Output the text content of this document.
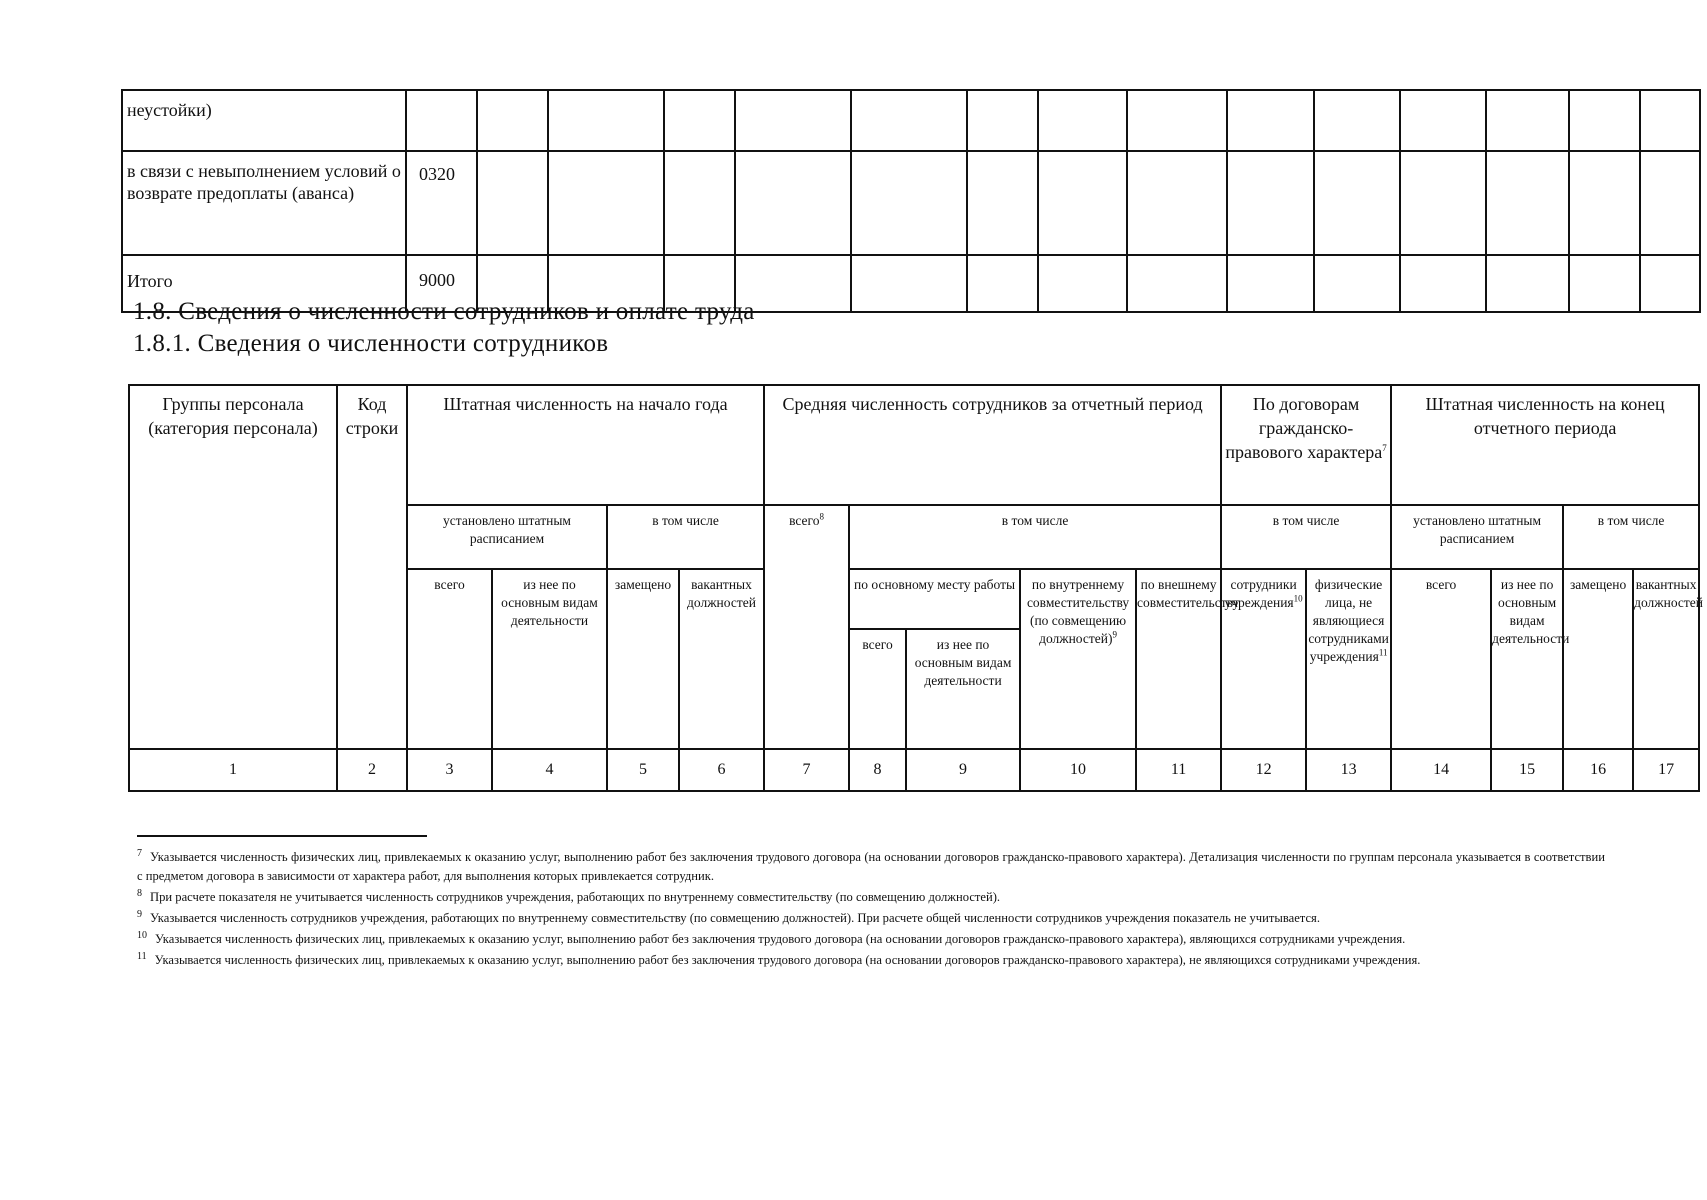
неустойки)															
в связи с невыполнением условий о возврате предоплаты (аванса)	0320														
Итого	9000														
1.8. Сведения о численности сотрудников и оплате труда
1.8.1. Сведения о численности сотрудников
Группы персонала (категория персонала)	Код строки	Штатная численность на начало года				Средняя численность сотрудников за отчетный период					По договорам гражданско-правового характера$^7$		Штатная численность на конец отчетного периода			
		установлено штатным расписанием		в том числе		всего$^8$	в том числе				в том числе		установлено штатным расписанием		в том числе	
		всего	из нее по основным видам деятельности	замещено	вакантных должностей		по основному месту работы		по внутреннему совместительству (по совмещению должностей)$^9$	по внешнему совместительству	сотрудники учреждения$^{10}$	физические лица, не являющиеся сотрудниками учреждения$^{11}$	всего	из нее по основным видам деятельности	замещено	вакантных должностей
							всего	из нее по основным видам деятельности								
1	2	3	4	5	6	7	8	9	10	11	12	13	14	15	16	17

$^7$ Указывается численность физических лиц, привлекаемых к оказанию услуг, выполнению работ без заключения трудового договора (на основании договоров гражданско-правового характера). Детализация численности по группам персонала указывается в соответствии с предметом договора в зависимости от характера работ, для выполнения которых привлекается сотрудник.

$^8$ При расчете показателя не учитывается численность сотрудников учреждения, работающих по внутреннему совместительству (по совмещению должностей).

$^9$ Указывается численность сотрудников учреждения, работающих по внутреннему совместительству (по совмещению должностей). При расчете общей численности сотрудников учреждения показатель не учитывается.

$^{10}$ Указывается численность физических лиц, привлекаемых к оказанию услуг, выполнению работ без заключения трудового договора (на основании договоров гражданско-правового характера), являющихся сотрудниками учреждения.

$^{11}$ Указывается численность физических лиц, привлекаемых к оказанию услуг, выполнению работ без заключения трудового договора (на основании договоров гражданско-правового характера), не являющихся сотрудниками учреждения.
